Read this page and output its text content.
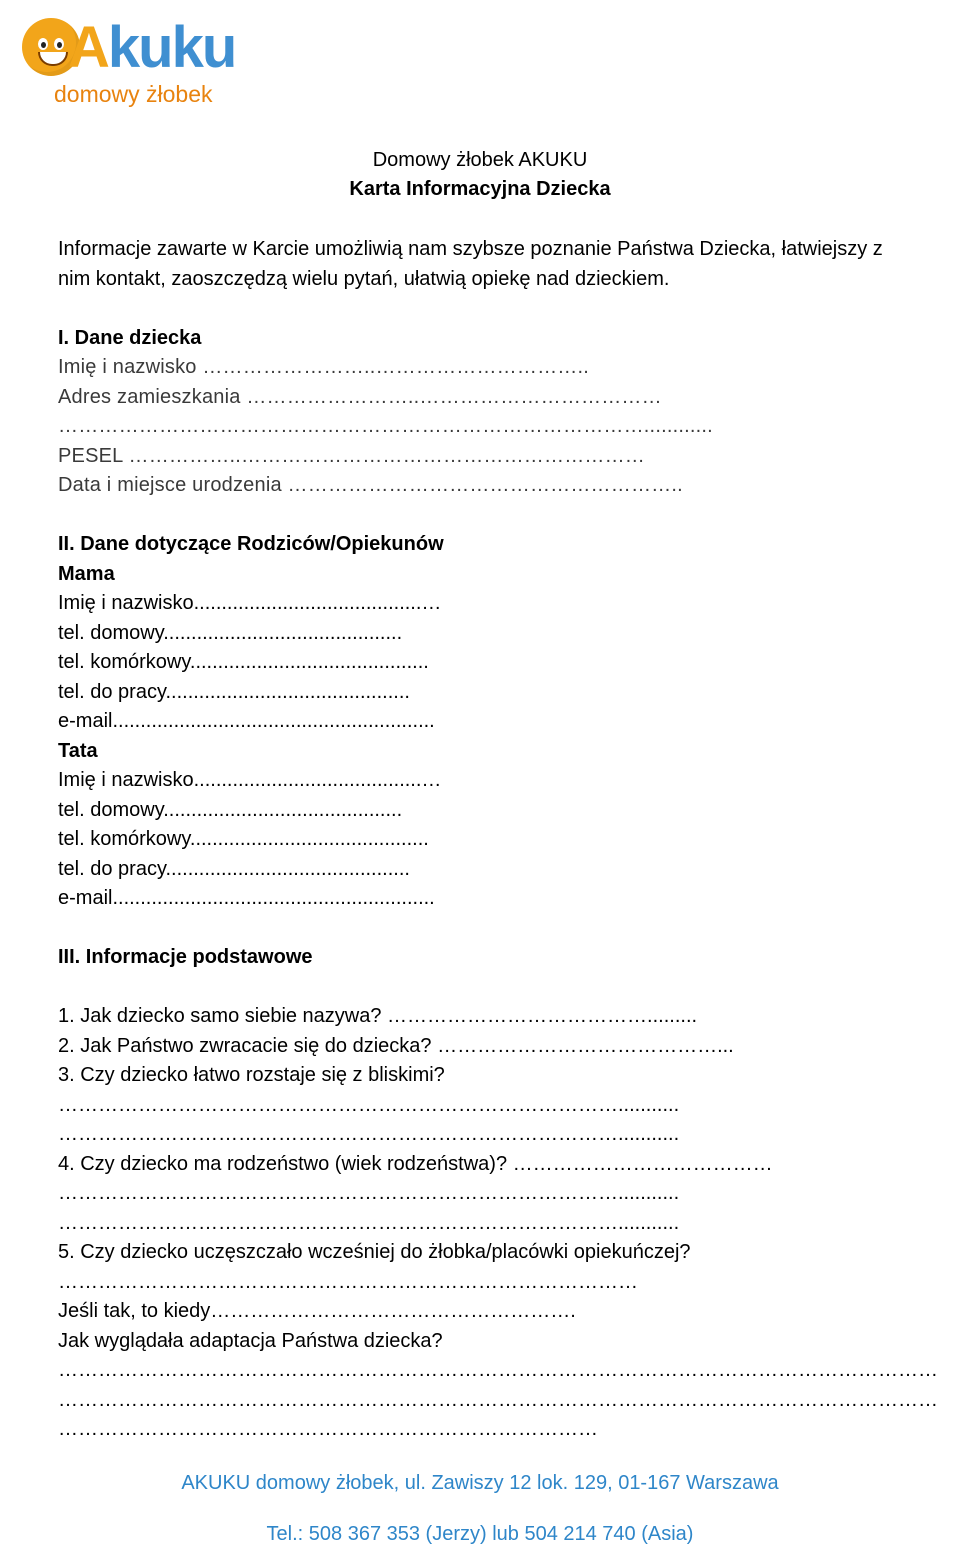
Akuku
domowy żłobek
Domowy żłobek AKUKU
Karta Informacyjna Dziecka
Informacje zawarte w Karcie umożliwią nam szybsze poznanie Państwa Dziecka, łatwiejszy z
nim kontakt, zaoszczędzą wielu pytań, ułatwią opiekę nad dzieckiem.
I. Dane dziecka
Imię i nazwisko ……………………..…………………………..
Adres zamieszkania ……………………..………………………………
……………………………………………………………………………............
PESEL ……………..……………………………………………………
Data i miejsce urodzenia …………………………………………………..
II. Dane dotyczące Rodziców/Opiekunów
Mama
Imię i nazwisko.........................................…
tel. domowy...........................................
tel. komórkowy...........................................
tel. do pracy............................................
e-mail..........................................................
Tata
Imię i nazwisko.........................................…
tel. domowy...........................................
tel. komórkowy...........................................
tel. do pracy............................................
e-mail..........................................................
III. Informacje podstawowe
1. Jak dziecko samo siebie nazywa? ………………………………….........
2. Jak Państwo zwracacie się do dziecka? ……………………………………...
3. Czy dziecko łatwo rozstaje się z bliskimi?
…………………………………………………………………………...........
…………………………………………………………………………...........
4. Czy dziecko ma rodzeństwo (wiek rodzeństwa)? …………………………………
…………………………………………………………………………...........
…………………………………………………………………………...........
5. Czy dziecko uczęszczało wcześniej do żłobka/placówki opiekuńczej?
……………………………………………………………………………
Jeśli tak, to kiedy……………………………………………….
Jak wyglądała adaptacja Państwa dziecka?
……………………………………………………………………………………………………………………
……………………………………………………………………………………………………………………
………………………………………………………………………
AKUKU domowy żłobek, ul. Zawiszy 12 lok. 129, 01-167 Warszawa
Tel.: 508 367 353 (Jerzy) lub 504 214 740 (Asia)
